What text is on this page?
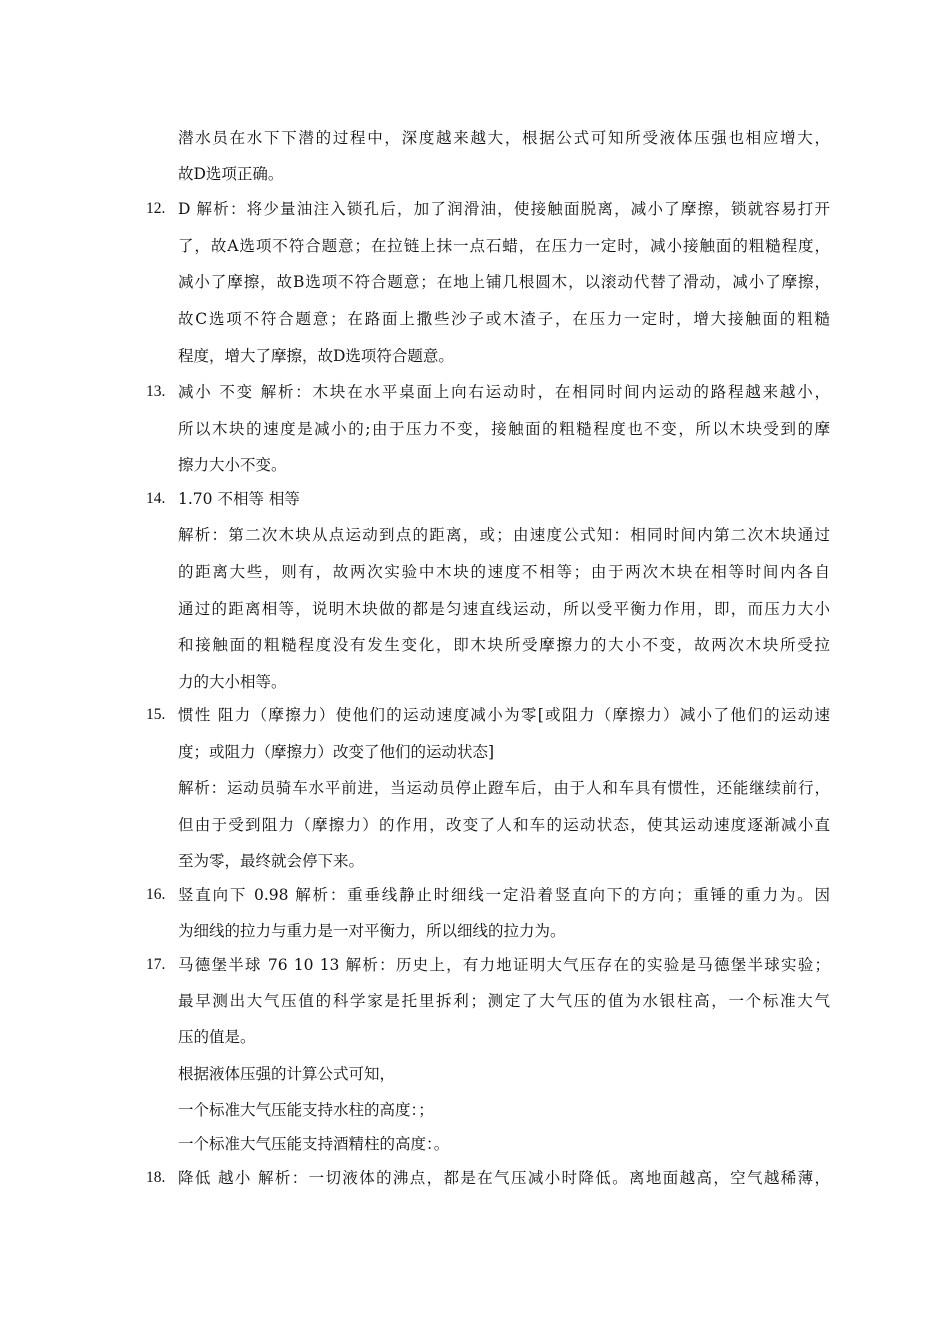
潜水员在水下下潜的过程中，深度越来越大，根据公式可知所受液体压强也相应增大，
故D选项正确。
12. D 解析：将少量油注入锁孔后，加了润滑油，使接触面脱离，减小了摩擦，锁就容易打开
了，故A选项不符合题意；在拉链上抹一点石蜡，在压力一定时，减小接触面的粗糙程度，
减小了摩擦，故B选项不符合题意；在地上铺几根圆木，以滚动代替了滑动，减小了摩擦，
故C选项不符合题意；在路面上撒些沙子或木渣子，在压力一定时，增大接触面的粗糙
程度，增大了摩擦，故D选项符合题意。
13. 减小 不变 解析：木块在水平桌面上向右运动时，在相同时间内运动的路程越来越小，
所以木块的速度是减小的;由于压力不变，接触面的粗糙程度也不变，所以木块受到的摩
擦力大小不变。
14. 1.70 不相等 相等
解析：第二次木块从点运动到点的距离，或；由速度公式知：相同时间内第二次木块通过
的距离大些，则有，故两次实验中木块的速度不相等；由于两次木块在相等时间内各自
通过的距离相等，说明木块做的都是匀速直线运动，所以受平衡力作用，即，而压力大小
和接触面的粗糙程度没有发生变化，即木块所受摩擦力的大小不变，故两次木块所受拉
力的大小相等。
15. 惯性 阻力（摩擦力）使他们的运动速度减小为零[或阻力（摩擦力）减小了他们的运动速
度；或阻力（摩擦力）改变了他们的运动状态]
解析：运动员骑车水平前进，当运动员停止蹬车后，由于人和车具有惯性，还能继续前行，
但由于受到阻力（摩擦力）的作用，改变了人和车的运动状态，使其运动速度逐渐减小直
至为零，最终就会停下来。
16. 竖直向下 0.98 解析：重垂线静止时细线一定沿着竖直向下的方向；重锤的重力为。因
为细线的拉力与重力是一对平衡力，所以细线的拉力为。
17. 马德堡半球 76 10 13 解析：历史上，有力地证明大气压存在的实验是马德堡半球实验；
最早测出大气压值的科学家是托里拆利；测定了大气压的值为水银柱高，一个标准大气
压的值是。
根据液体压强的计算公式可知，
一个标准大气压能支持水柱的高度：；
一个标准大气压能支持酒精柱的高度：。
18. 降低 越小 解析：一切液体的沸点，都是在气压减小时降低。离地面越高，空气越稀薄，
